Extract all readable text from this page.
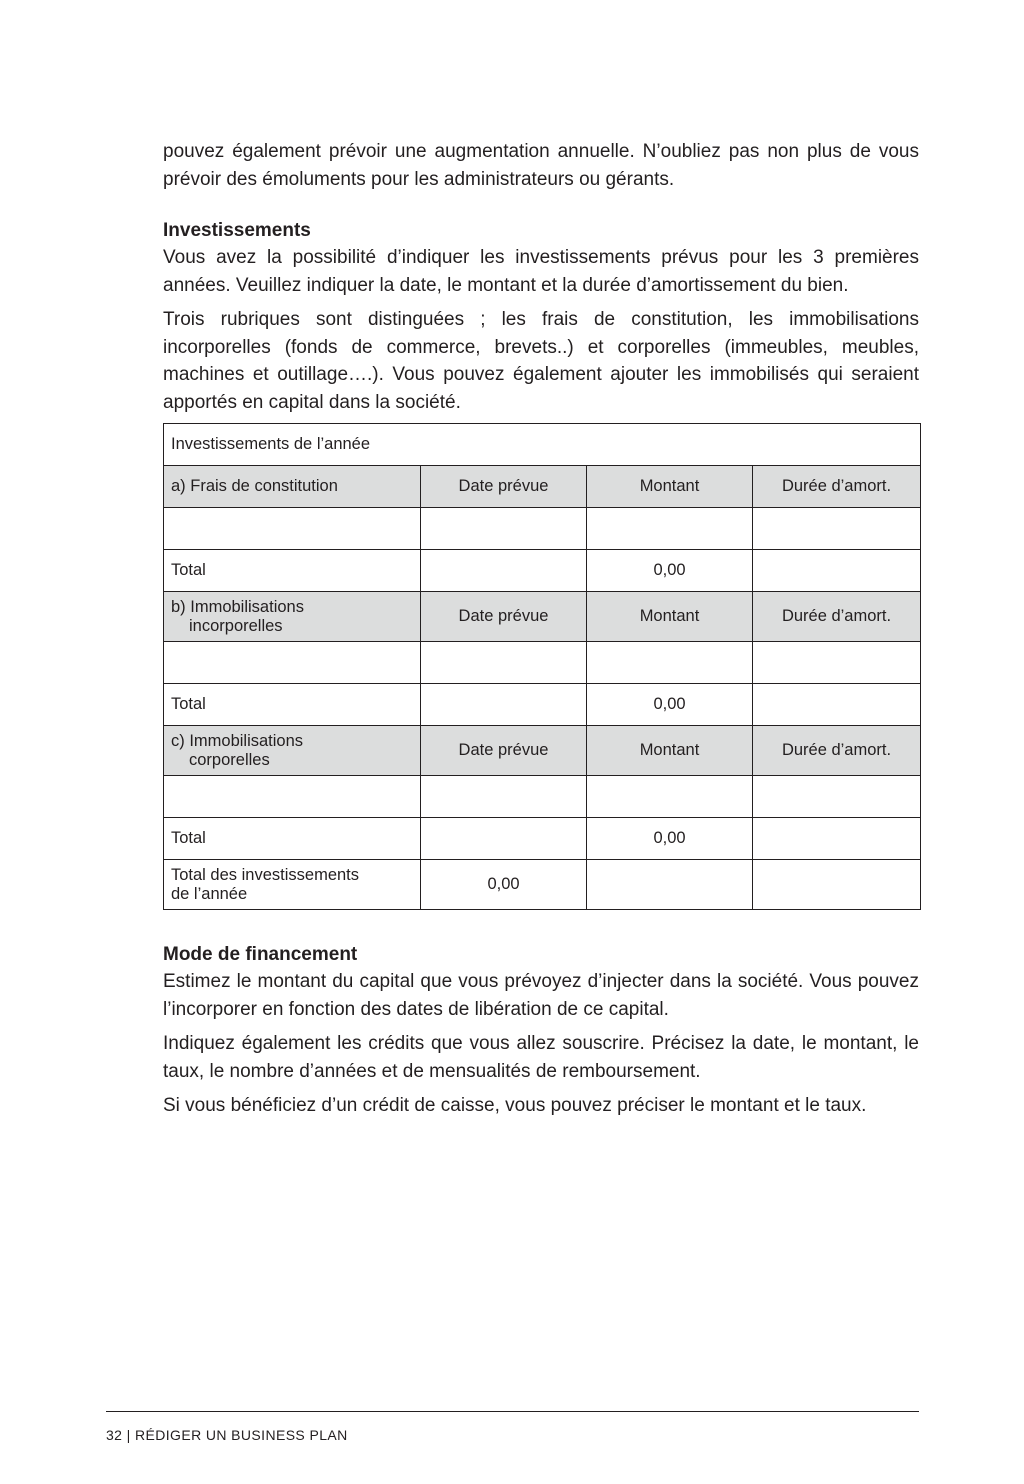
pouvez également prévoir une augmentation annuelle. N’oubliez pas non plus de vous prévoir des émoluments pour les administrateurs ou gérants.

Investissements

Vous avez la possibilité d’indiquer les investissements prévus pour les 3 premières années. Veuillez indiquer la date, le montant et la durée d’amortissement du bien.

Trois rubriques sont distinguées ; les frais de constitution, les immobilisations incorporelles (fonds de commerce, brevets..) et corporelles (immeubles, meubles, machines et outillage….). Vous pouvez également ajouter les immobilisés qui seraient apportés en capital dans la société.

Investissements de l’année			
a) Frais de constitution	Date prévue	Montant	Durée d’amort.

Total		0,00	
b) Immobilisations
incorporelles	Date prévue	Montant	Durée d’amort.

Total		0,00	
c) Immobilisations
corporelles	Date prévue	Montant	Durée d’amort.

Total		0,00	
Total des investissements
de l’année	0,00		
Mode de financement

Estimez le montant du capital que vous prévoyez d’injecter dans la société. Vous pouvez l’incorporer en fonction des dates de libération de ce capital.

Indiquez également les crédits que vous allez souscrire. Précisez la date, le montant, le taux, le nombre d’années et de mensualités de remboursement.

Si vous bénéficiez d’un crédit de caisse, vous pouvez préciser le montant et le taux.

32 | RÉDIGER UN BUSINESS PLAN
